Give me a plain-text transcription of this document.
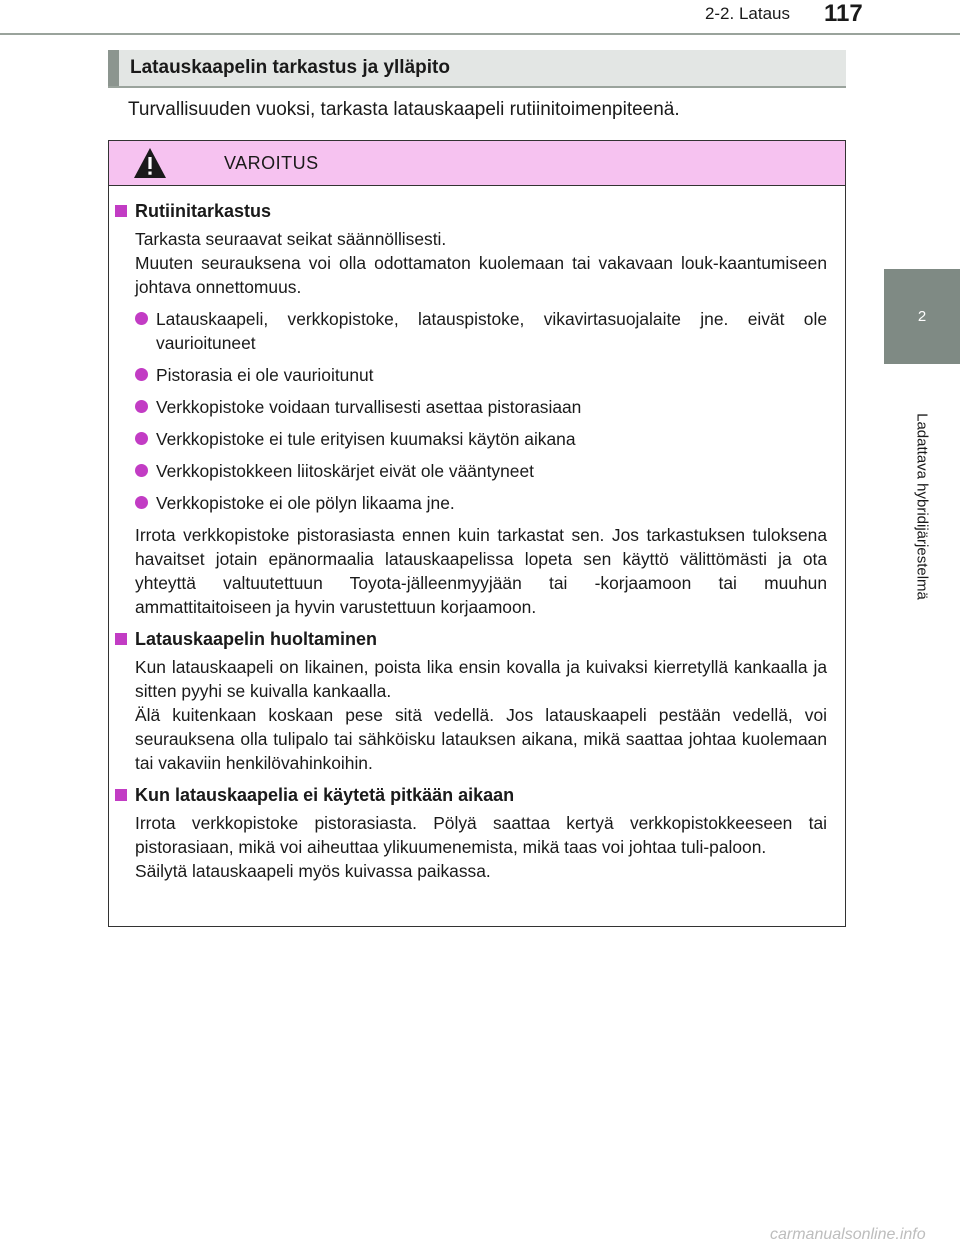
2-2. Lataus 117
2
Ladattava hybridijärjestelmä
Latauskaapelin tarkastus ja ylläpito
Turvallisuuden vuoksi, tarkasta latauskaapeli rutiinitoimenpiteenä.
VAROITUS
Rutiinitarkastus

Tarkasta seuraavat seikat säännöllisesti.

Muuten seurauksena voi olla odottamaton kuolemaan tai vakavaan louk-kaantumiseen johtava onnettomuus.

Latauskaapeli, verkkopistoke, latauspistoke, vikavirtasuojalaite jne. eivät ole vaurioituneet
Pistorasia ei ole vaurioitunut
Verkkopistoke voidaan turvallisesti asettaa pistorasiaan
Verkkopistoke ei tule erityisen kuumaksi käytön aikana
Verkkopistokkeen liitoskärjet eivät ole vääntyneet
Verkkopistoke ei ole pölyn likaama jne.

Irrota verkkopistoke pistorasiasta ennen kuin tarkastat sen. Jos tarkastuksen tuloksena havaitset jotain epänormaalia latauskaapelissa lopeta sen käyttö välittömästi ja ota yhteyttä valtuutettuun Toyota-jälleenmyyjään tai -korjaamoon tai muuhun ammattitaitoiseen ja hyvin varustettuun korjaamoon.

Latauskaapelin huoltaminen

Kun latauskaapeli on likainen, poista lika ensin kovalla ja kuivaksi kierretyllä kankaalla ja sitten pyyhi se kuivalla kankaalla.

Älä kuitenkaan koskaan pese sitä vedellä. Jos latauskaapeli pestään vedellä, voi seurauksena olla tulipalo tai sähköisku latauksen aikana, mikä saattaa johtaa kuolemaan tai vakaviin henkilövahinkoihin.

Kun latauskaapelia ei käytetä pitkään aikaan

Irrota verkkopistoke pistorasiasta. Pölyä saattaa kertyä verkkopistokkeeseen tai pistorasiaan, mikä voi aiheuttaa ylikuumenemista, mikä taas voi johtaa tuli-paloon.

Säilytä latauskaapeli myös kuivassa paikassa.

carmanualsonline.info
